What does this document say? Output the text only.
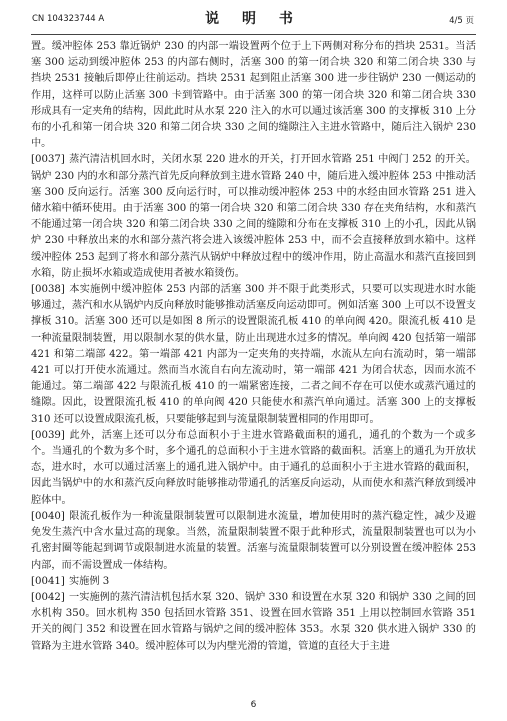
CN 104323744 A	说 明 书	4/5 页

置。缓冲腔体 253 靠近锅炉 230 的内部一端设置两个位于上下两侧对称分布的挡块 2531。当活塞 300 运动到缓冲腔体 253 的内部右侧时，活塞 300 的第一闭合块 320 和第二闭合块 330 与挡块 2531 接触后即停止往前运动。挡块 2531 起到阻止活塞 300 进一步往锅炉 230 一侧运动的作用，这样可以防止活塞 300 卡到管路中。由于活塞 300 的第一闭合块 320 和第二闭合块 330 形成具有一定夹角的结构，因此此时从水泵 220 注入的水可以通过该活塞 300 的支撑板 310 上分布的小孔和第一闭合块 320 和第二闭合块 330 之间的缝隙注入主进水管路中，随后注入锅炉 230 中。

[0037] 蒸汽清洁机回水时，关闭水泵 220 进水的开关，打开回水管路 251 中阀门 252 的开关。锅炉 230 内的水和部分蒸汽首先反向释放到主进水管路 240 中，随后进入缓冲腔体 253 中推动活塞 300 反向运行。活塞 300 反向运行时，可以推动缓冲腔体 253 中的水经由回水管路 251 进入储水箱中循环使用。由于活塞 300 的第一闭合块 320 和第二闭合块 330 存在夹角结构，水和蒸汽不能通过第一闭合块 320 和第二闭合块 330 之间的缝隙和分布在支撑板 310 上的小孔，因此从锅炉 230 中释放出来的水和部分蒸汽将会进入该缓冲腔体 253 中，而不会直接释放到水箱中。这样缓冲腔体 253 起到了将水和部分蒸汽从锅炉中释放过程中的缓冲作用，防止高温水和蒸汽直接回到水箱，防止损坏水箱或造成使用者被水箱烫伤。

[0038] 本实施例中缓冲腔体 253 内部的活塞 300 并不限于此类形式，只要可以实现进水时水能够通过，蒸汽和水从锅炉内反向释放时能够推动活塞反向运动即可。例如活塞 300 上可以不设置支撑板 310。活塞 300 还可以是如图 8 所示的设置限流孔板 410 的单向阀 420。限流孔板 410 是一种流量限制装置，用以限制水泵的供水量，防止出现进水过多的情况。单向阀 420 包括第一端部 421 和第二端部 422。第一端部 421 内部为一定夹角的夹持端，水流从左向右流动时，第一端部 421 可以打开使水流通过。然而当水流自右向左流动时，第一端部 421 为闭合状态，因而水流不能通过。第二端部 422 与限流孔板 410 的一端紧密连接，二者之间不存在可以使水或蒸汽通过的缝隙。因此，设置限流孔板 410 的单向阀 420 只能使水和蒸汽单向通过。活塞 300 上的支撑板 310 还可以设置成限流孔板，只要能够起到与流量限制装置相同的作用即可。

[0039] 此外，活塞上还可以分布总面积小于主进水管路截面积的通孔，通孔的个数为一个或多个。当通孔的个数为多个时，多个通孔的总面积小于主进水管路的截面积。活塞上的通孔为开放状态，进水时，水可以通过活塞上的通孔进入锅炉中。由于通孔的总面积小于主进水管路的截面积，因此当锅炉中的水和蒸汽反向释放时能够推动带通孔的活塞反向运动，从而使水和蒸汽释放到缓冲腔体中。

[0040] 限流孔板作为一种流量限制装置可以限制进水流量，增加使用时的蒸汽稳定性，减少及避免发生蒸汽中含水量过高的现象。当然，流量限制装置不限于此种形式，流量限制装置也可以为小孔密封圈等能起到调节或限制进水流量的装置。活塞与流量限制装置可以分别设置在缓冲腔体 253 内部，而不需设置成一体结构。

[0041] 实施例 3

[0042] 一实施例的蒸汽清洁机包括水泵 320、锅炉 330 和设置在水泵 320 和锅炉 330 之间的回水机构 350。回水机构 350 包括回水管路 351、设置在回水管路 351 上用以控制回水管路 351 开关的阀门 352 和设置在回水管路与锅炉之间的缓冲腔体 353。水泵 320 供水进入锅炉 330 的管路为主进水管路 340。缓冲腔体可以为内壁光滑的管道，管道的直径大于主进

6
